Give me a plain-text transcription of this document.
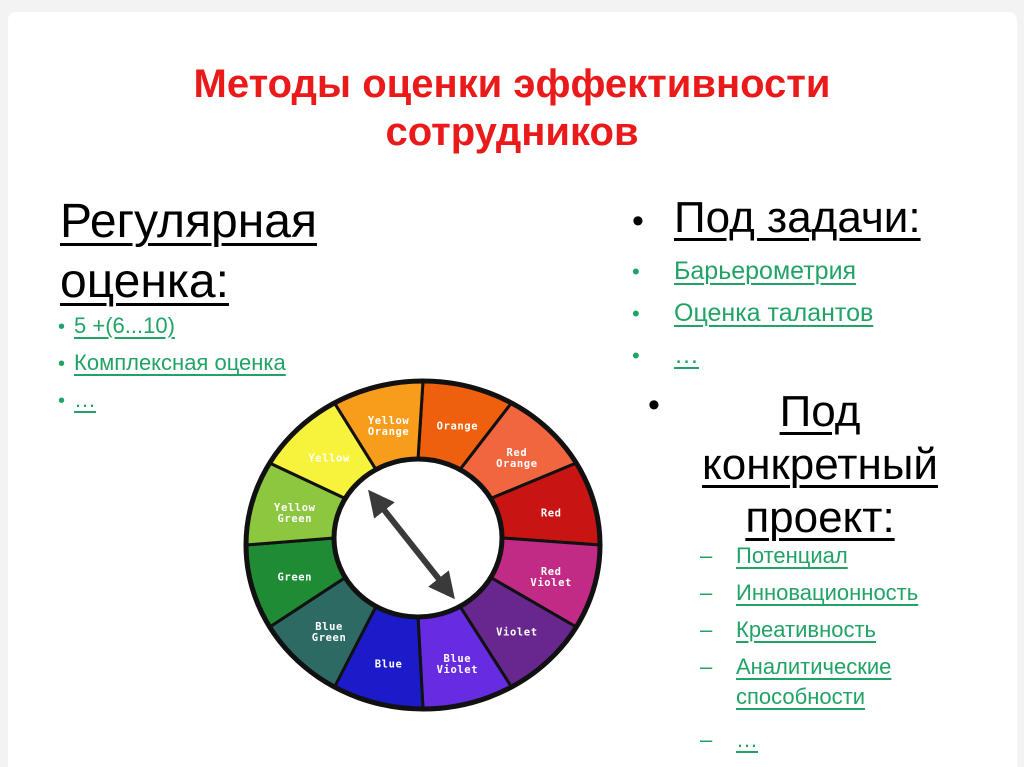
Методы оценки эффективности сотрудников
Регулярная оценка:
• 5 +(6...10)
• Комплексная оценка
• …
Orange
Red Orange
Red
Red Violet
Violet
Blue Violet
Blue
Blue Green
Green
Yellow Green
Yellow
Yellow Orange
• Под задачи:
•	Барьерометрия
•	Оценка талантов
•	…
•	Под конкретный проект:
–	Потенциал
–	Инновационность
–	Креативность
–	Аналитические способности
–	…
